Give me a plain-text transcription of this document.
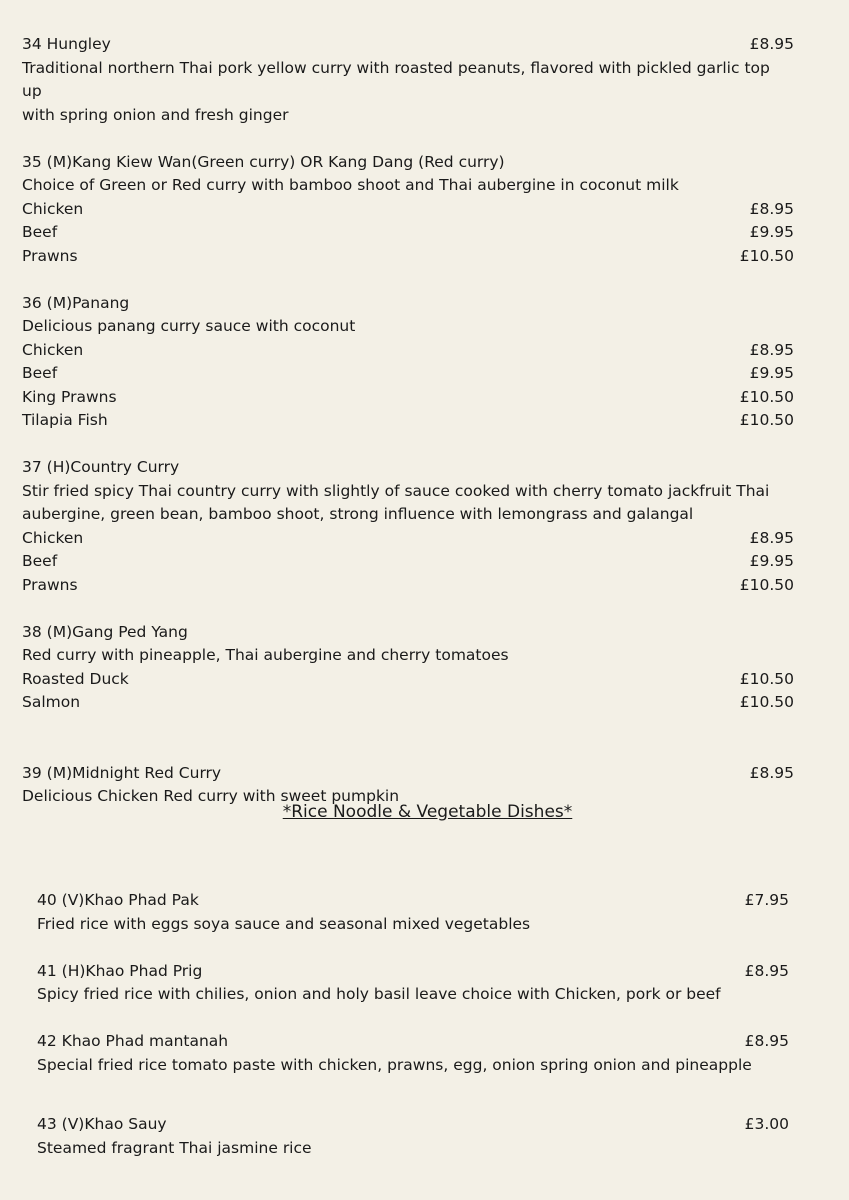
34 Hungley	£8.95
Traditional northern Thai pork yellow curry with roasted peanuts, flavored with pickled garlic top up
with spring onion and fresh ginger
35 (M)Kang Kiew Wan(Green curry) OR Kang Dang (Red curry)
Choice of Green or Red curry with bamboo shoot and Thai aubergine in coconut milk
Chicken	£8.95
Beef	£9.95
Prawns	£10.50
36 (M)Panang
Delicious panang curry sauce with coconut
Chicken	£8.95
Beef	£9.95
King Prawns	£10.50
Tilapia Fish	£10.50
37 (H)Country Curry
Stir fried spicy Thai country curry with slightly of sauce cooked with cherry tomato jackfruit Thai
aubergine, green bean, bamboo shoot, strong influence with lemongrass and galangal
Chicken	£8.95
Beef	£9.95
Prawns	£10.50
38 (M)Gang Ped Yang
Red curry with pineapple, Thai aubergine and cherry tomatoes
Roasted Duck	£10.50
Salmon	£10.50
39 (M)Midnight Red Curry	£8.95
Delicious Chicken Red curry with sweet pumpkin
*Rice Noodle & Vegetable Dishes*
40 (V)Khao Phad Pak	£7.95
Fried rice with eggs soya sauce and seasonal mixed vegetables
41 (H)Khao Phad Prig	£8.95
Spicy fried rice with chilies, onion and holy basil leave choice with Chicken, pork or beef
42 Khao Phad mantanah	£8.95
Special fried rice tomato paste with chicken, prawns, egg, onion spring onion and pineapple
43 (V)Khao Sauy	£3.00
Steamed fragrant Thai jasmine rice
